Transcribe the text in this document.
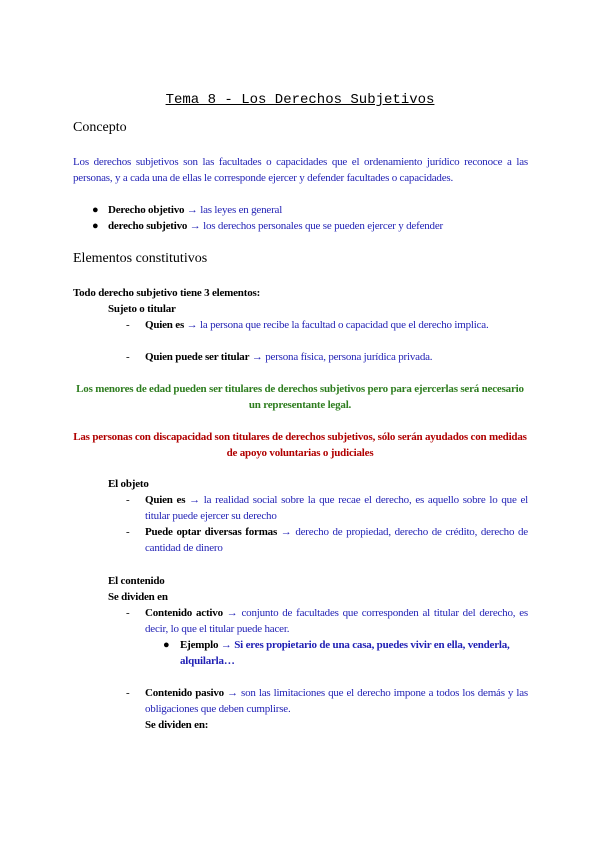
Tema 8 - Los Derechos Subjetivos
Concepto
Los derechos subjetivos son las facultades o capacidades que el ordenamiento jurídico reconoce a las personas, y a cada una de ellas le corresponde ejercer y defender facultades o capacidades.
● Derecho objetivo → las leyes en general
● derecho subjetivo → los derechos personales que se pueden ejercer y defender
Elementos constitutivos
Todo derecho subjetivo tiene 3 elementos:
Sujeto o titular
- Quien es → la persona que recibe la facultad o capacidad que el derecho implica.
- Quien puede ser titular → persona física, persona jurídica privada.
Los menores de edad pueden ser titulares de derechos subjetivos pero para ejercerlas será necesario un representante legal.
Las personas con discapacidad son titulares de derechos subjetivos, sólo serán ayudados con medidas de apoyo voluntarias o judiciales
El objeto
- Quien es → la realidad social sobre la que recae el derecho, es aquello sobre lo que el titular puede ejercer su derecho
- Puede optar diversas formas → derecho de propiedad, derecho de crédito, derecho de cantidad de dinero
El contenido
Se dividen en
- Contenido activo → conjunto de facultades que corresponden al titular del derecho, es decir, lo que el titular puede hacer.
● Ejemplo → Si eres propietario de una casa, puedes vivir en ella, venderla, alquilarla…
- Contenido pasivo → son las limitaciones que el derecho impone a todos los demás y las obligaciones que deben cumplirse.
Se dividen en:
